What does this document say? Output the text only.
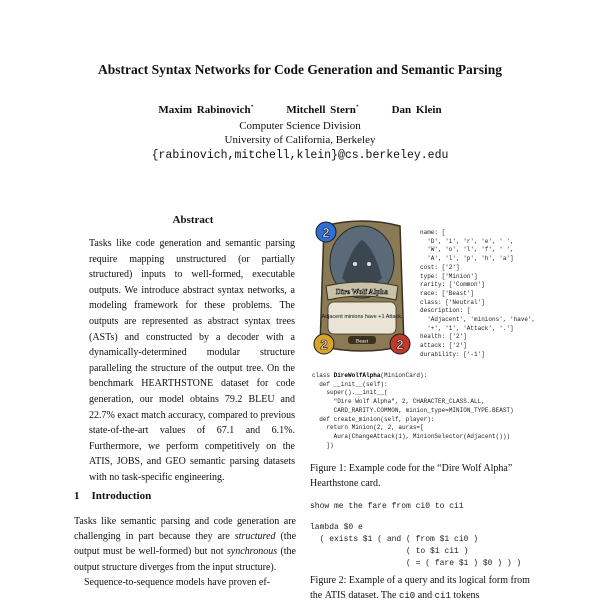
Abstract Syntax Networks for Code Generation and Semantic Parsing
Maxim Rabinovich*	Mitchell Stern*	Dan Klein
Computer Science Division
University of California, Berkeley
{rabinovich,mitchell,klein}@cs.berkeley.edu
Abstract
Tasks like code generation and semantic parsing require mapping unstructured (or partially structured) inputs to well-formed, executable outputs. We introduce abstract syntax networks, a modeling framework for these problems. The outputs are represented as abstract syntax trees (ASTs) and constructed by a decoder with a dynamically-determined modular structure paralleling the structure of the output tree. On the benchmark HEARTHSTONE dataset for code generation, our model obtains 79.2 BLEU and 22.7% exact match accuracy, compared to previous state-of-the-art values of 67.1 and 6.1%. Furthermore, we perform competitively on the ATIS, JOBS, and GEO semantic parsing datasets with no task-specific engineering.
1 Introduction

Tasks like semantic parsing and code generation are challenging in part because they are structured (the output must be well-formed) but not synchronous (the output structure diverges from the input structure).

Sequence-to-sequence models have proven ef-

Dire Wolf Alpha
Adjacent minions have +1 Attack.
Beast
2
2	2
name: [
'D', 'i', 'r', 'e', ' ',
'W', 'o', 'l', 'f', ' ',
'A', 'l', 'p', 'h', 'a']
cost: ['2']
type: ['Minion']
rarity: ['Common']
race: ['Beast']
class: ['Neutral']
description: [
'Adjacent', 'minions', 'have',
'+', '1', 'Attack', '.']
health: ['2']
attack: ['2']
durability: ['-1']
class DireWolfAlpha(MinionCard):
def __init__(self):
super().__init__(
"Dire Wolf Alpha", 2, CHARACTER_CLASS.ALL,
CARD_RARITY.COMMON, minion_type=MINION_TYPE.BEAST)
def create_minion(self, player):
return Minion(2, 2, auras=[
Aura(ChangeAttack(1), MinionSelector(Adjacent()))
])
Figure 1: Example code for the “Dire Wolf Alpha” Hearthstone card.
show me the fare from ci0 to ci1
lambda $0 e
( exists $1 ( and ( from $1 ci0 )
( to $1 ci1 )
( = ( fare $1 ) $0 ) ) )
Figure 2: Example of a query and its logical form from the ATIS dataset. The ci0 and ci1 tokens
